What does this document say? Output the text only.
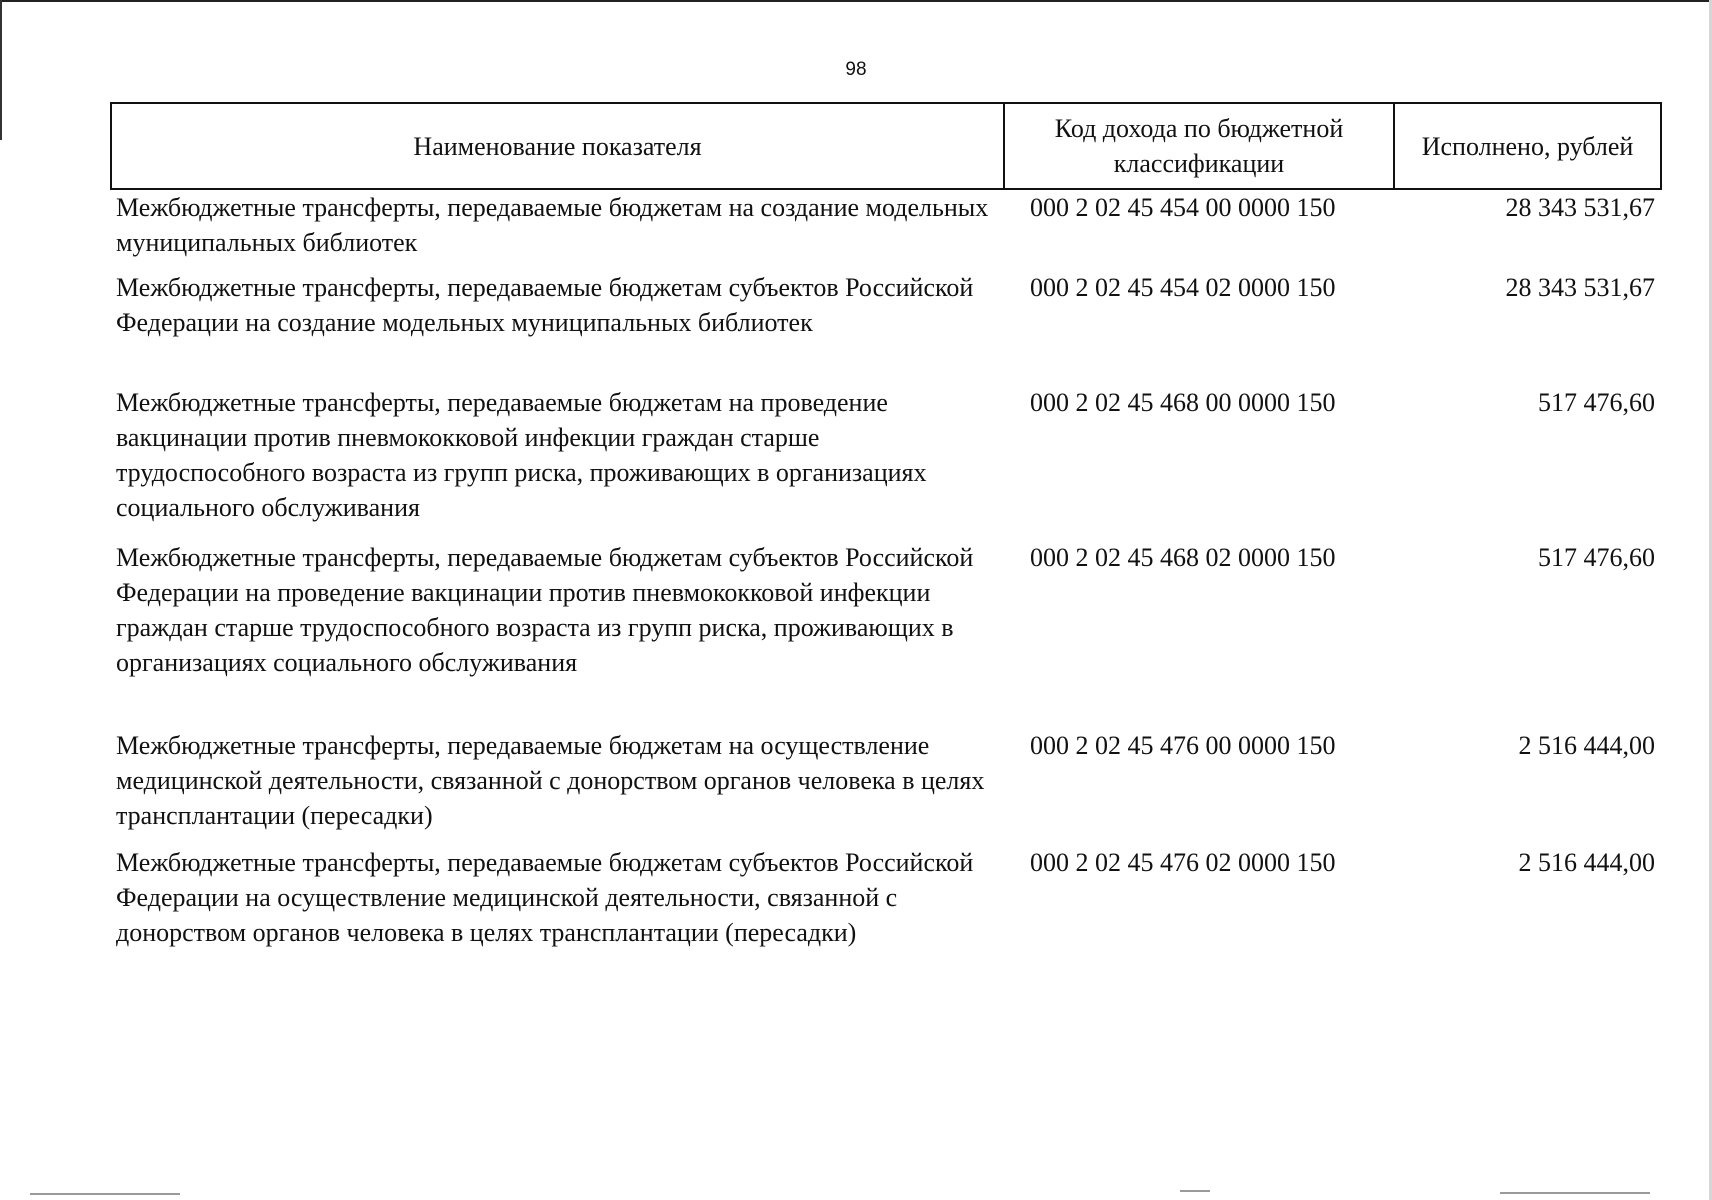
98
Наименование показателя	Код дохода по бюджетной классификации	Исполнено, рублей
Межбюджетные трансферты, передаваемые бюджетам на создание модельных муниципальных библиотек	000 2 02 45 454 00 0000 150	28 343 531,67
Межбюджетные трансферты, передаваемые бюджетам субъектов Российской Федерации на создание модельных муниципальных библиотек	000 2 02 45 454 02 0000 150	28 343 531,67
Межбюджетные трансферты, передаваемые бюджетам на проведение вакцинации против пневмококковой инфекции граждан старше трудоспособного возраста из групп риска, проживающих в организациях социального обслуживания	000 2 02 45 468 00 0000 150	517 476,60
Межбюджетные трансферты, передаваемые бюджетам субъектов Российской Федерации на проведение вакцинации против пневмококковой инфекции граждан старше трудоспособного возраста из групп риска, проживающих в организациях социального обслуживания	000 2 02 45 468 02 0000 150	517 476,60
Межбюджетные трансферты, передаваемые бюджетам на осуществление медицинской деятельности, связанной с донорством органов человека в целях трансплантации (пересадки)	000 2 02 45 476 00 0000 150	2 516 444,00
Межбюджетные трансферты, передаваемые бюджетам субъектов Российской Федерации на осуществление медицинской деятельности, связанной с донорством органов человека в целях трансплантации (пересадки)	000 2 02 45 476 02 0000 150	2 516 444,00
